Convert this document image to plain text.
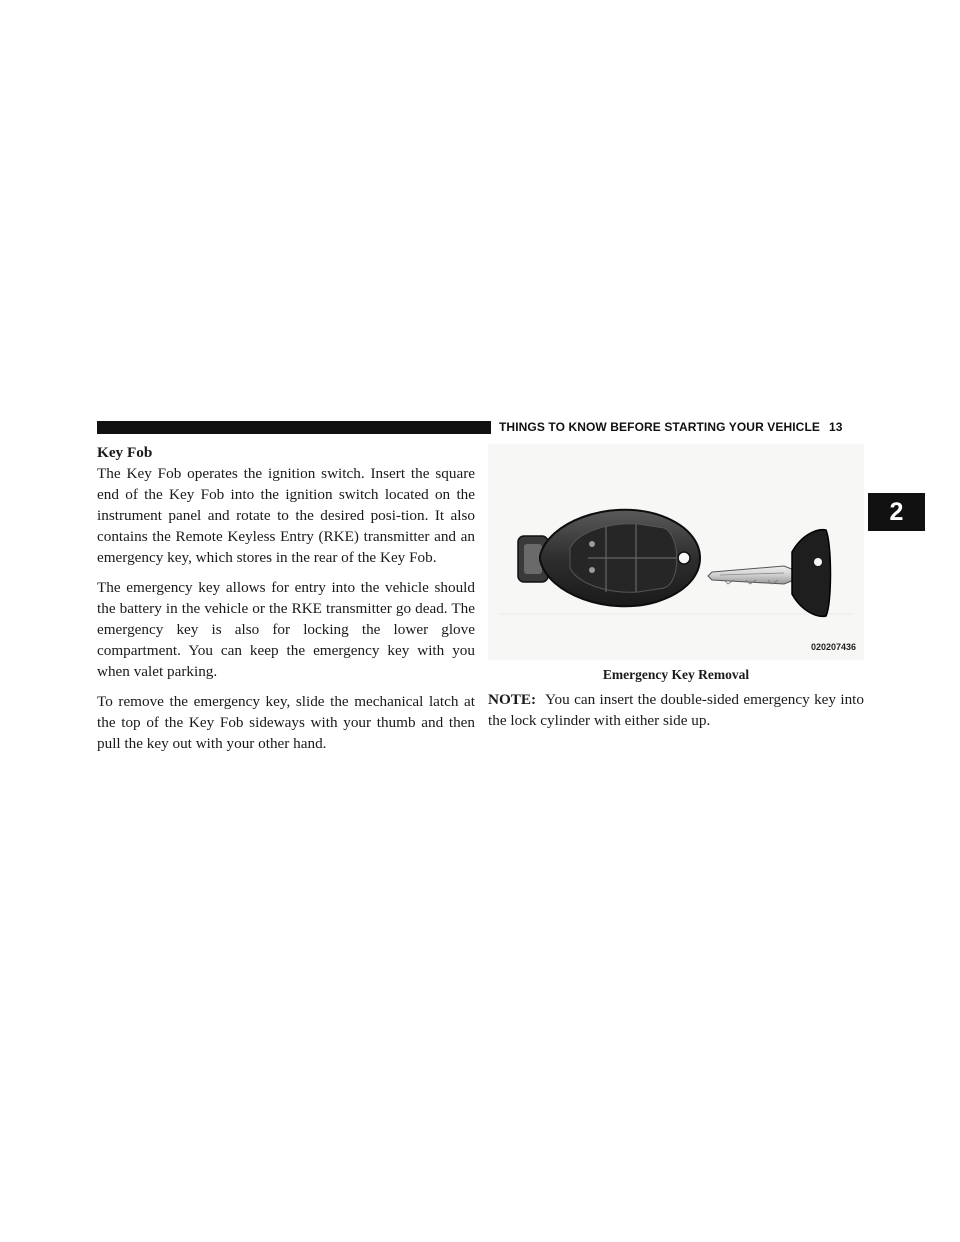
THINGS TO KNOW BEFORE STARTING YOUR VEHICLE 13
2

Key Fob

The Key Fob operates the ignition switch. Insert the square end of the Key Fob into the ignition switch located on the instrument panel and rotate to the desired posi-tion. It also contains the Remote Keyless Entry (RKE) transmitter and an emergency key, which stores in the rear of the Key Fob.

The emergency key allows for entry into the vehicle should the battery in the vehicle or the RKE transmitter go dead. The emergency key is also for locking the lower glove compartment. You can keep the emergency key with you when valet parking.

To remove the emergency key, slide the mechanical latch at the top of the Key Fob sideways with your thumb and then pull the key out with your other hand.

020207436
Emergency Key Removal

NOTE: You can insert the double-sided emergency key into the lock cylinder with either side up.
